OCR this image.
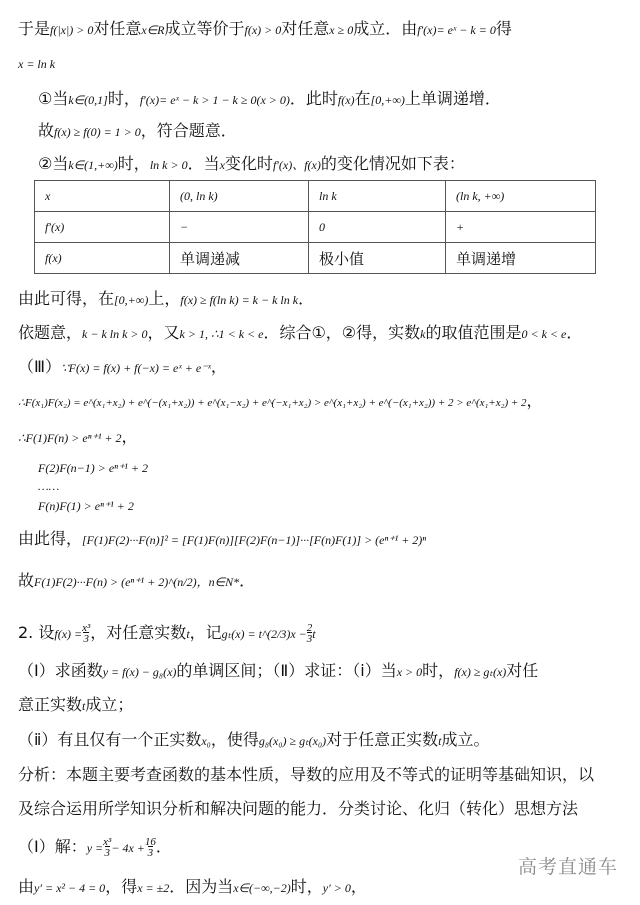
于是f(|x|) > 0对任意x∈R成立等价于f(x) > 0对任意x ≥ 0成立．由f′(x)= eˣ − k = 0得
x = ln k
①当k∈(0,1]时，f′(x)= eˣ − k > 1 − k ≥ 0(x > 0)．此时f(x)在[0,+∞)上单调递增．
故f(x) ≥ f(0) = 1 > 0，符合题意．
②当k∈(1,+∞)时，ln k > 0．当x变化时f′(x)、f(x)的变化情况如下表：
x	(0, ln k)	ln k	(ln k, +∞)
f′(x)	−	0	+
f(x)	单调递减	极小值	单调递增
由此可得，在[0,+∞)上，f(x) ≥ f(ln k) = k − k ln k．
依题意，k − k ln k > 0，又k > 1, ∴1 < k < e．综合①，②得，实数k的取值范围是0 < k < e．
（Ⅲ）∵F(x) = f(x) + f(−x) = eˣ + e⁻ˣ，
∴F(x₁)F(x₂) = e^(x₁+x₂) + e^(−(x₁+x₂)) + e^(x₁−x₂) + e^(−x₁+x₂) > e^(x₁+x₂) + e^(−(x₁+x₂)) + 2 > e^(x₁+x₂) + 2，
∴F(1)F(n) > eⁿ⁺¹ + 2，
F(2)F(n−1) > eⁿ⁺¹ + 2
……
F(n)F(1) > eⁿ⁺¹ + 2
由此得，[F(1)F(2)···F(n)]² = [F(1)F(n)][F(2)F(n−1)]···[F(n)F(1)] > (eⁿ⁺¹ + 2)ⁿ
故F(1)F(2)···F(n) > (eⁿ⁺¹ + 2)^(n/2)，n∈N*．
2. 设$f(x) =\frac{\text{x³}}{3}$，对任意实数t，记gₜ(x) = t^(2/3)x $-\frac{2}{3}t$
（Ⅰ）求函数y = f(x) − g₈(x)的单调区间；（Ⅱ）求证：（ⅰ）当x > 0时，f(x) ≥ gₜ(x)对任
意正实数t成立；
（ⅱ）有且仅有一个正实数x₀，使得g₈(x₀) ≥ gₜ(x₀)对于任意正实数t成立。
分析：本题主要考查函数的基本性质，导数的应用及不等式的证明等基础知识，以
及综合运用所学知识分析和解决问题的能力．分类讨论、化归（转化）思想方法
（I）解：$y =\frac{\text{x³}}{3}- 4x +\frac{16}{3}$．
由y′ = x² − 4 = 0，得x = ±2．因为当x∈(−∞,−2)时，y′ > 0，
高考直通车
